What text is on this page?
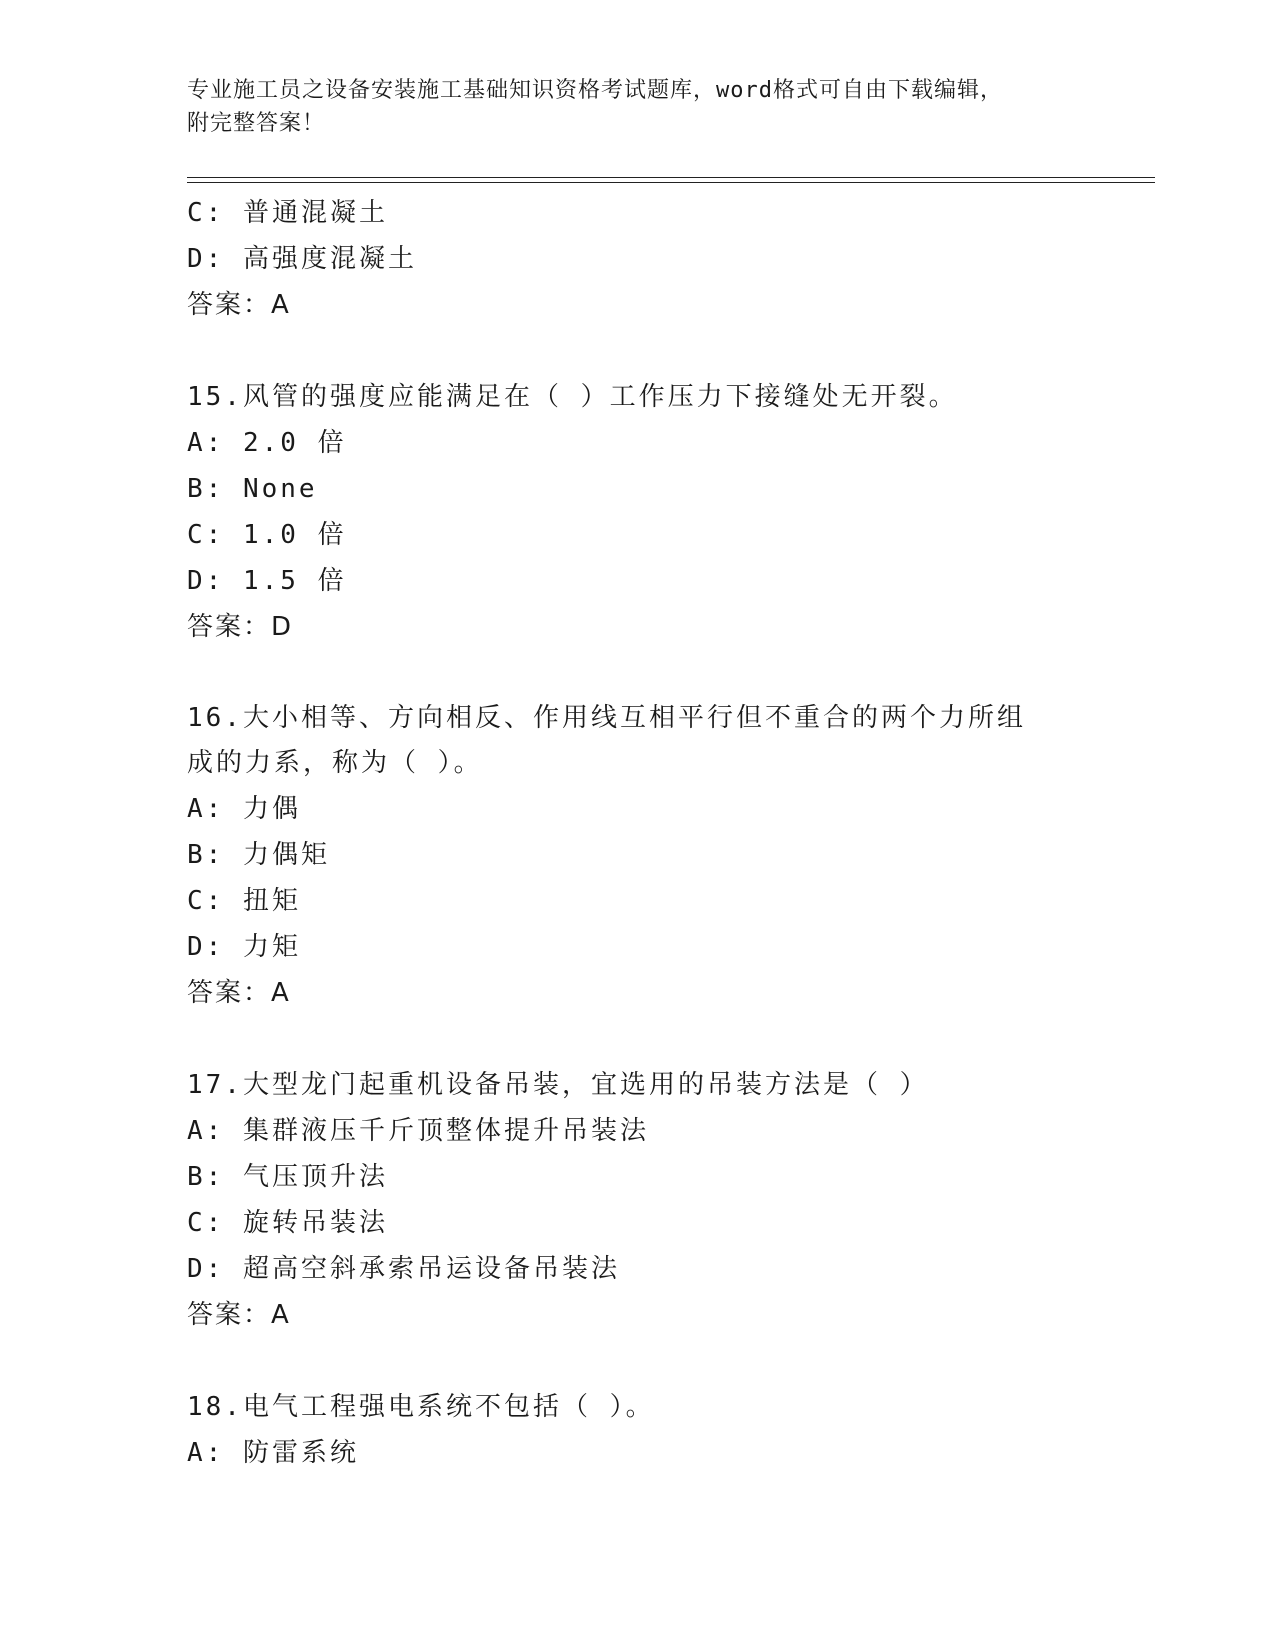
专业施工员之设备安装施工基础知识资格考试题库，word格式可自由下载编辑，
附完整答案！
C: 普通混凝土
D: 高强度混凝土
答案：A
15.风管的强度应能满足在（ ）工作压力下接缝处无开裂。
A: 2.0 倍
B: None
C: 1.0 倍
D: 1.5 倍
答案：D
16.大小相等、方向相反、作用线互相平行但不重合的两个力所组成的力系，称为（ ）。
A: 力偶
B: 力偶矩
C: 扭矩
D: 力矩
答案：A
17.大型龙门起重机设备吊装，宜选用的吊装方法是（ ）
A: 集群液压千斤顶整体提升吊装法
B: 气压顶升法
C: 旋转吊装法
D: 超高空斜承索吊运设备吊装法
答案：A
18.电气工程强电系统不包括（ ）。
A: 防雷系统
